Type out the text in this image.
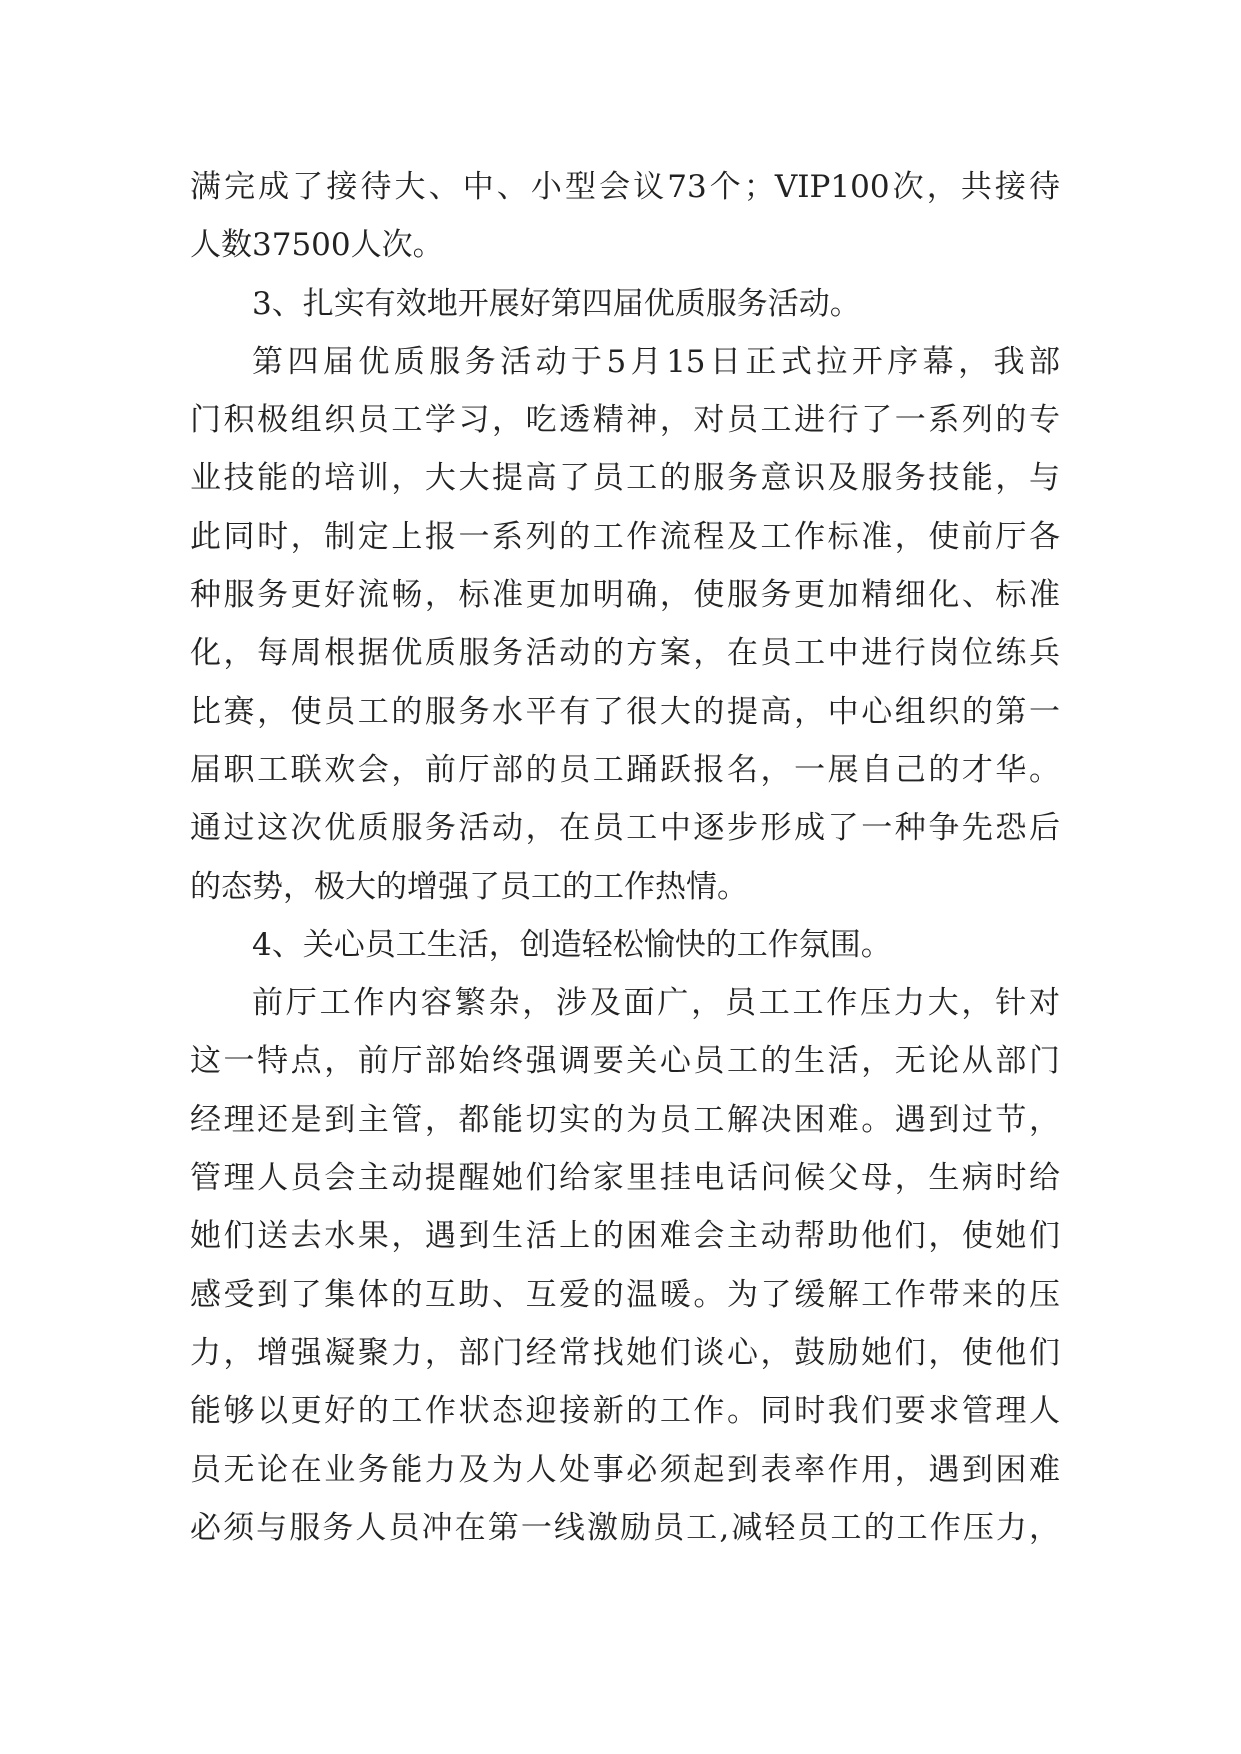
满完成了接待大、中、小型会议73个；VIP100次，共接待
人数37500人次。
3、扎实有效地开展好第四届优质服务活动。
第四届优质服务活动于5月15日正式拉开序幕，我部
门积极组织员工学习，吃透精神，对员工进行了一系列的专
业技能的培训，大大提高了员工的服务意识及服务技能，与
此同时，制定上报一系列的工作流程及工作标准，使前厅各
种服务更好流畅，标准更加明确，使服务更加精细化、标准
化，每周根据优质服务活动的方案，在员工中进行岗位练兵
比赛，使员工的服务水平有了很大的提高，中心组织的第一
届职工联欢会，前厅部的员工踊跃报名，一展自己的才华。
通过这次优质服务活动，在员工中逐步形成了一种争先恐后
的态势，极大的增强了员工的工作热情。
4、关心员工生活，创造轻松愉快的工作氛围。
前厅工作内容繁杂，涉及面广，员工工作压力大，针对
这一特点，前厅部始终强调要关心员工的生活，无论从部门
经理还是到主管，都能切实的为员工解决困难。遇到过节，
管理人员会主动提醒她们给家里挂电话问候父母，生病时给
她们送去水果，遇到生活上的困难会主动帮助他们，使她们
感受到了集体的互助、互爱的温暖。为了缓解工作带来的压
力，增强凝聚力，部门经常找她们谈心，鼓励她们，使他们
能够以更好的工作状态迎接新的工作。同时我们要求管理人
员无论在业务能力及为人处事必须起到表率作用，遇到困难
必须与服务人员冲在第一线激励员工,减轻员工的工作压力，
